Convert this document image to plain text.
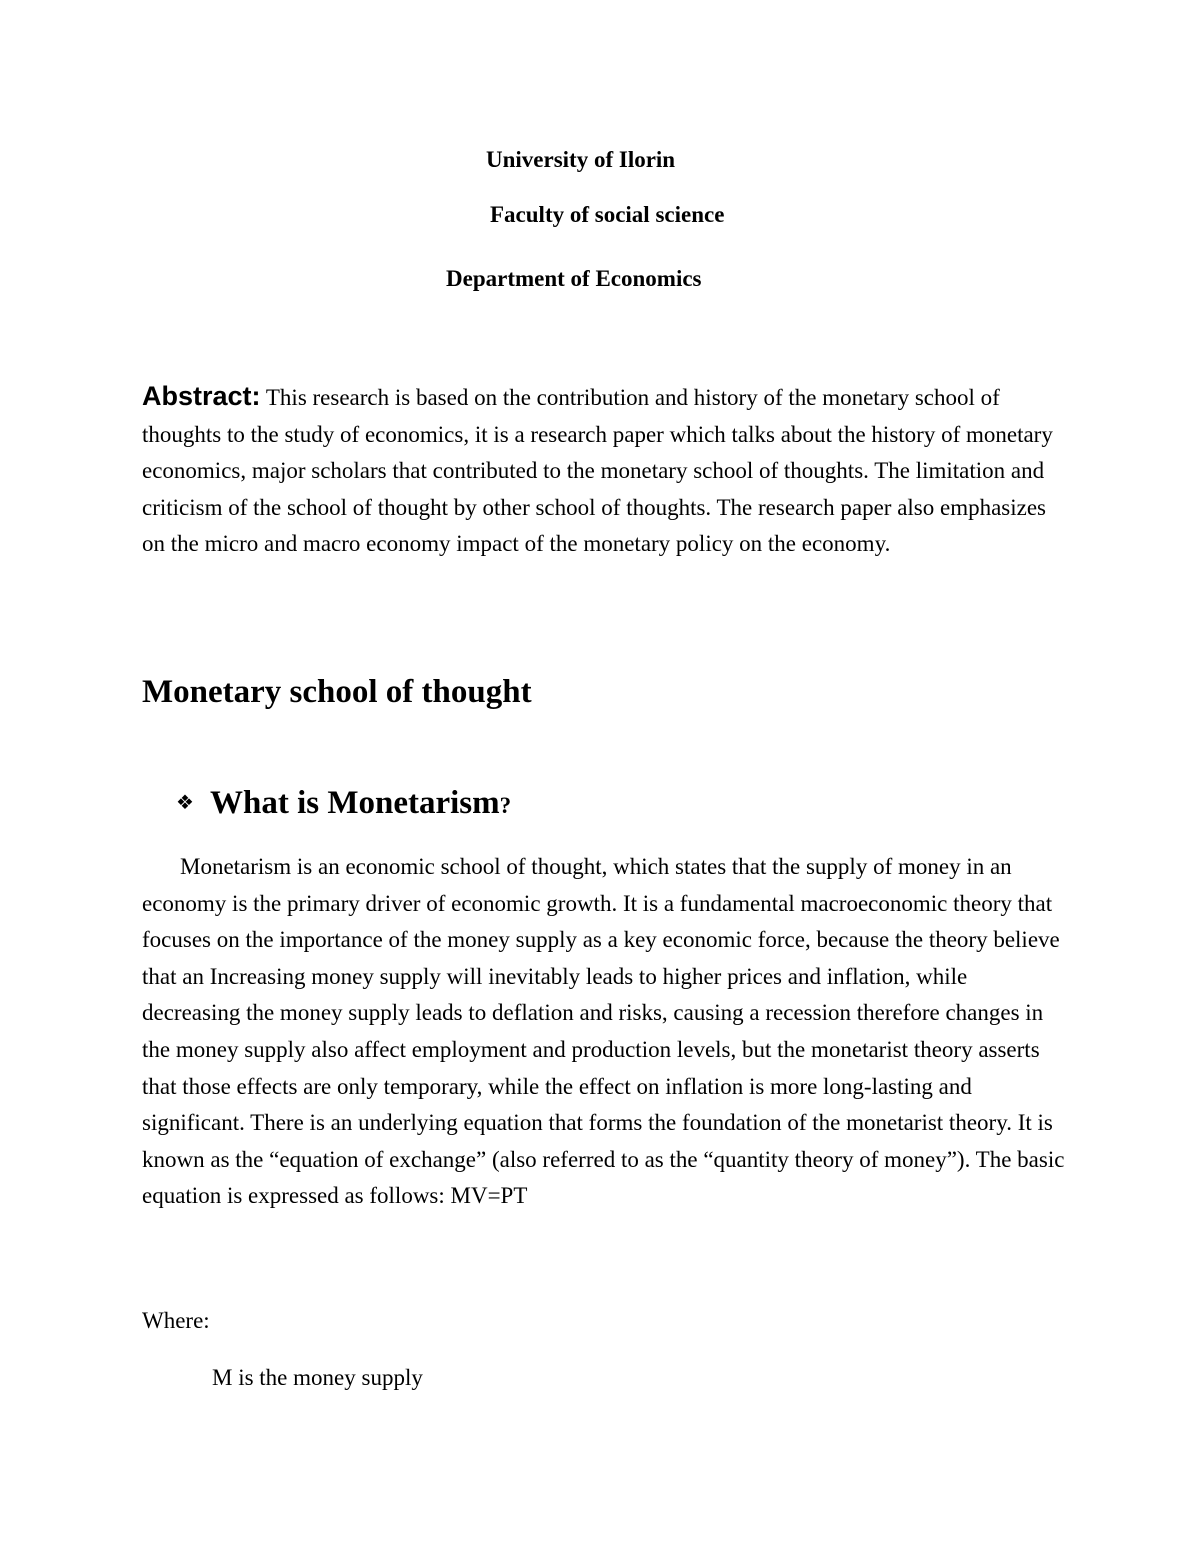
University of Ilorin
Faculty of social science
Department of Economics
Abstract: This research is based on the contribution and history of the monetary school of thoughts to the study of economics, it is a research paper which talks about the history of monetary economics, major scholars that contributed to the monetary school of thoughts. The limitation and criticism of the school of thought by other school of thoughts. The research paper also emphasizes on the micro and macro economy impact of the monetary policy on the economy.
Monetary school of thought
❖ What is Monetarism?
Monetarism is an economic school of thought, which states that the supply of money in an economy is the primary driver of economic growth. It is a fundamental macroeconomic theory that focuses on the importance of the money supply as a key economic force, because the theory believe that an Increasing money supply will inevitably leads to higher prices and inflation, while decreasing the money supply leads to deflation and risks, causing a recession therefore changes in the money supply also affect employment and production levels, but the monetarist theory asserts that those effects are only temporary, while the effect on inflation is more long-lasting and significant. There is an underlying equation that forms the foundation of the monetarist theory. It is known as the “equation of exchange” (also referred to as the “quantity theory of money”). The basic equation is expressed as follows: MV=PT
Where:
M is the money supply
